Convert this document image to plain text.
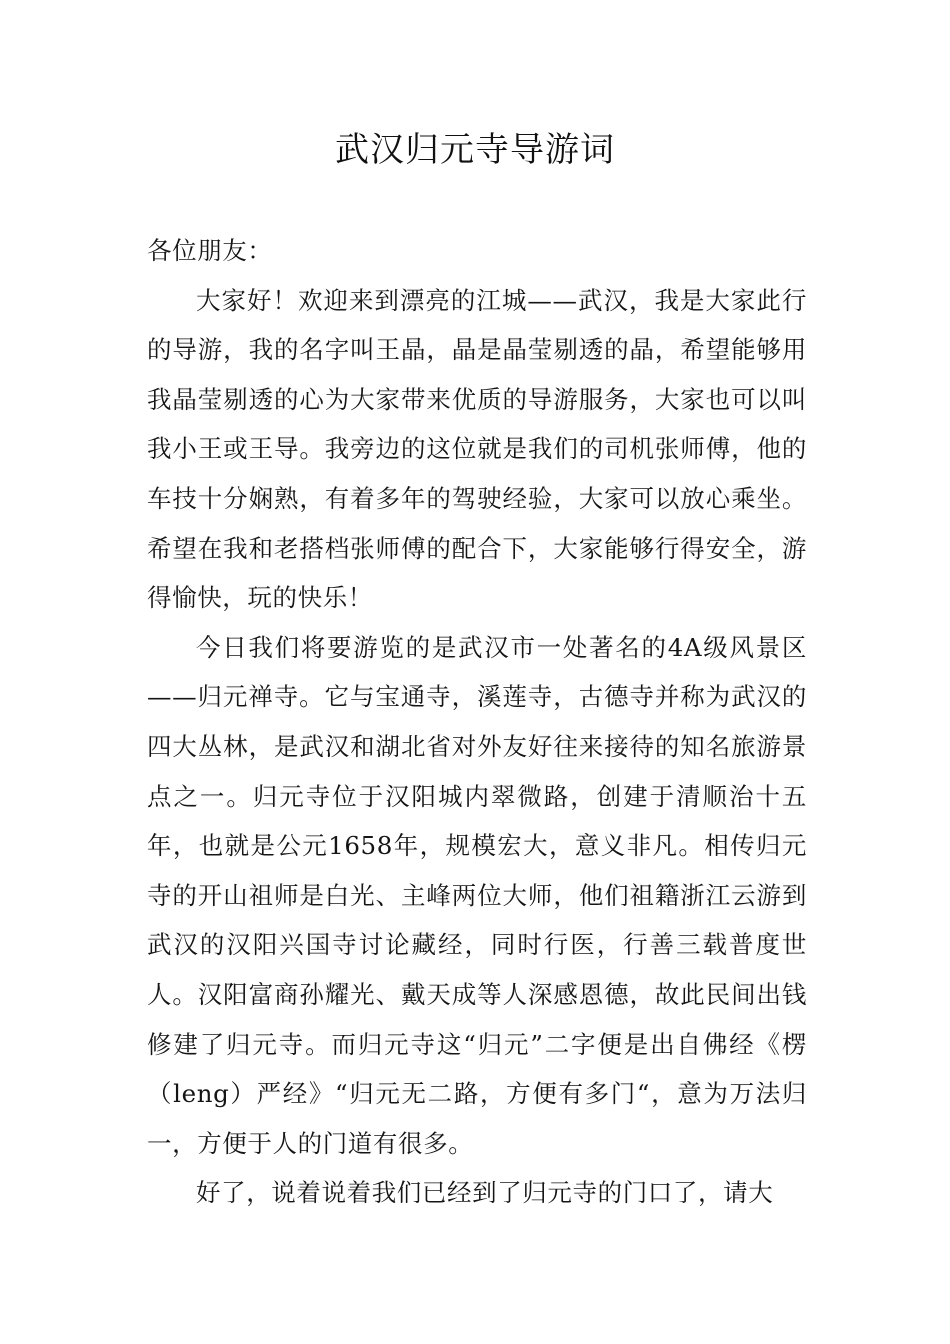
武汉归元寺导游词

各位朋友：

大家好！欢迎来到漂亮的江城——武汉，我是大家此行的导游，我的名字叫王晶，晶是晶莹剔透的晶，希望能够用我晶莹剔透的心为大家带来优质的导游服务，大家也可以叫我小王或王导。我旁边的这位就是我们的司机张师傅，他的车技十分娴熟，有着多年的驾驶经验，大家可以放心乘坐。希望在我和老搭档张师傅的配合下，大家能够行得安全，游得愉快，玩的快乐！

今日我们将要游览的是武汉市一处著名的4A级风景区——归元禅寺。它与宝通寺，溪莲寺，古德寺并称为武汉的四大丛林，是武汉和湖北省对外友好往来接待的知名旅游景点之一。归元寺位于汉阳城内翠微路，创建于清顺治十五年，也就是公元1658年，规模宏大，意义非凡。相传归元寺的开山祖师是白光、主峰两位大师，他们祖籍浙江云游到武汉的汉阳兴国寺讨论藏经，同时行医，行善三载普度世人。汉阳富商孙耀光、戴天成等人深感恩德，故此民间出钱修建了归元寺。而归元寺这“归元”二字便是出自佛经《楞（leng）严经》“归元无二路，方便有多门“，意为万法归一，方便于人的门道有很多。

好了，说着说着我们已经到了归元寺的门口了，请大
